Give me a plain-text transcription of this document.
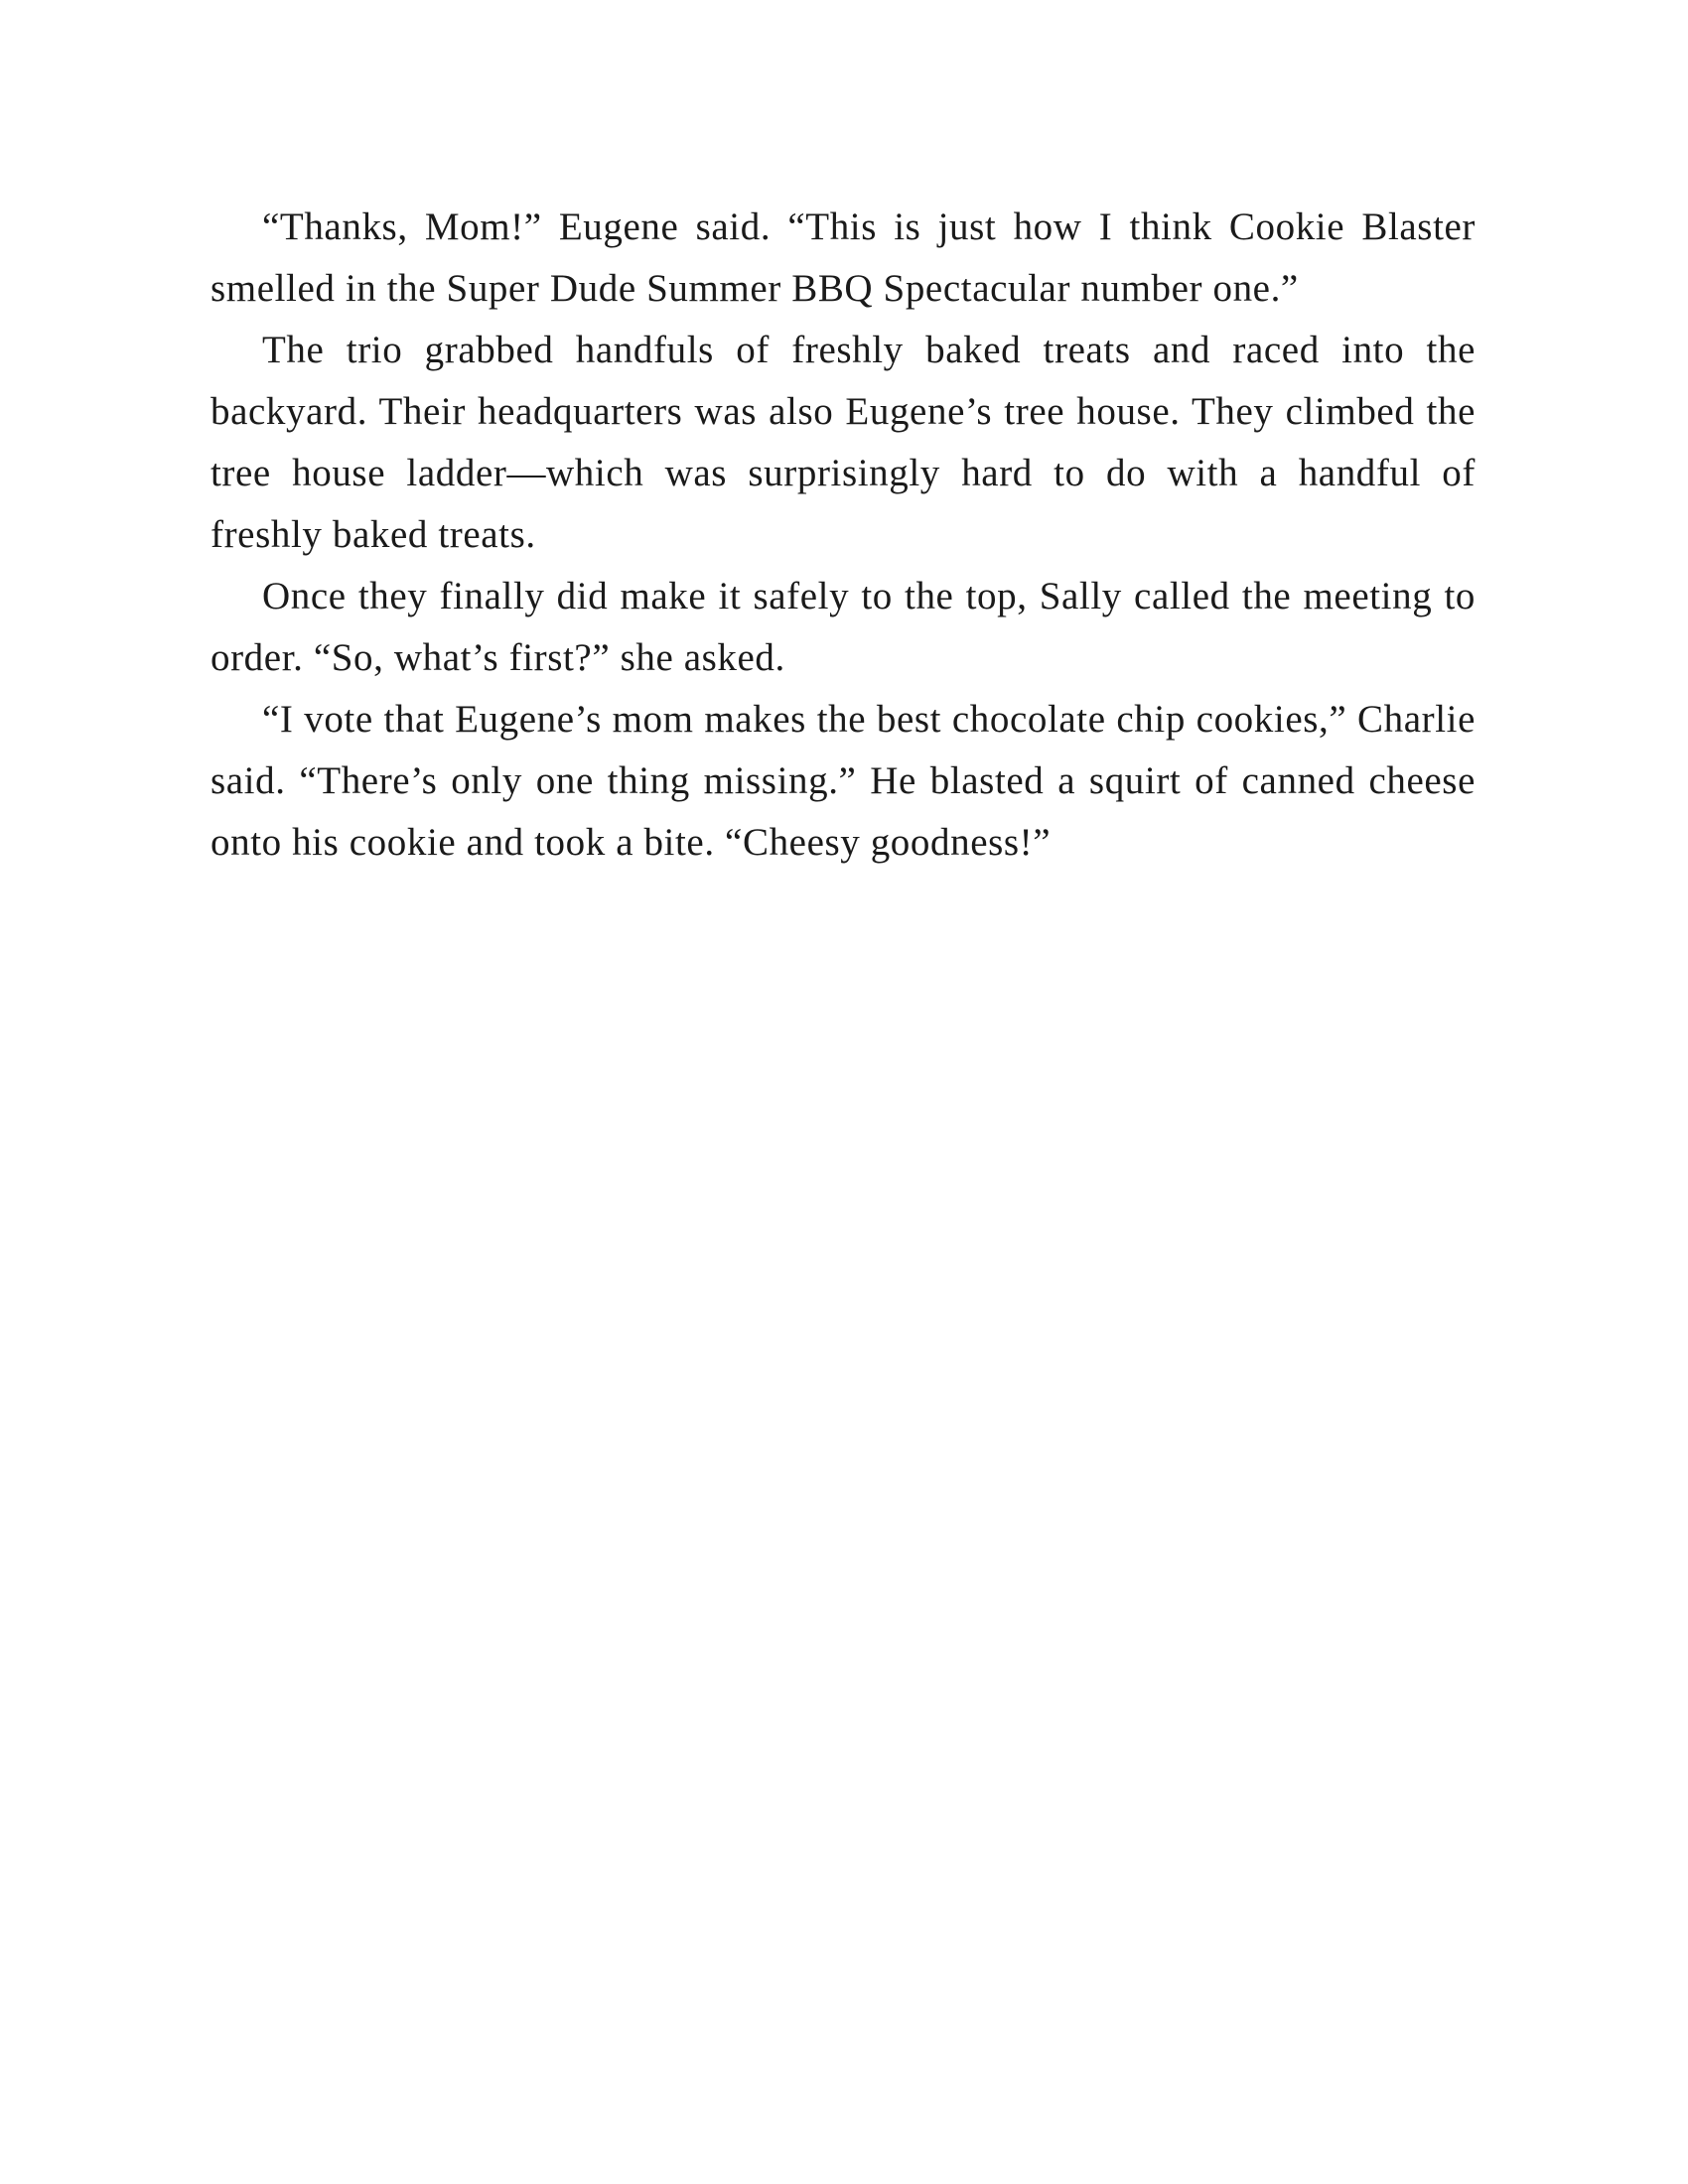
“Thanks, Mom!” Eugene said. “This is just how I think Cookie Blaster smelled in the Super Dude Summer BBQ Spectacular number one.”

The trio grabbed handfuls of freshly baked treats and raced into the backyard. Their headquarters was also Eugene’s tree house. They climbed the tree house ladder—which was surprisingly hard to do with a handful of freshly baked treats.

Once they finally did make it safely to the top, Sally called the meeting to order. “So, what’s first?” she asked.

“I vote that Eugene’s mom makes the best chocolate chip cookies,” Charlie said. “There’s only one thing missing.” He blasted a squirt of canned cheese onto his cookie and took a bite. “Cheesy goodness!”
